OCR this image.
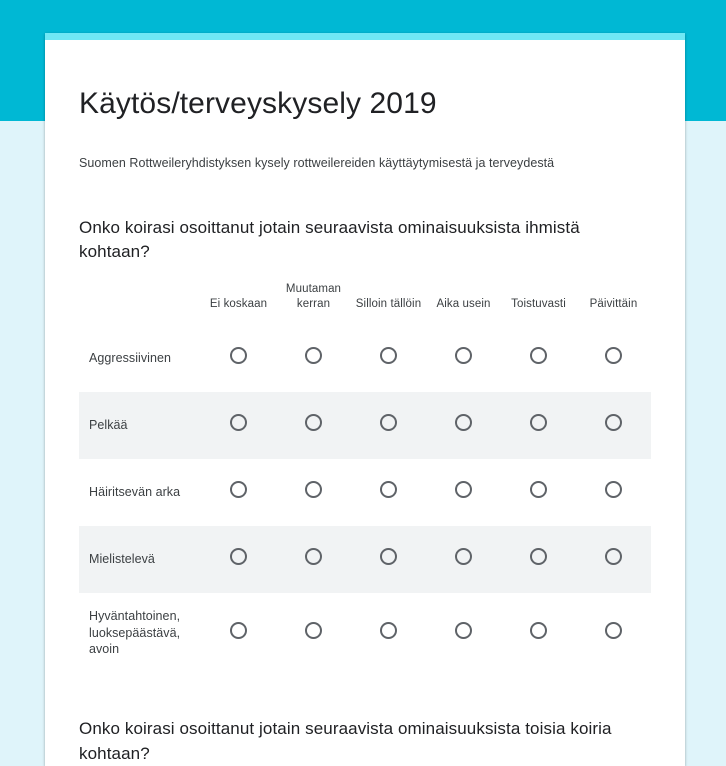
Käytös/terveyskysely 2019

Suomen Rottweileryhdistyksen kysely rottweilereiden käyttäytymisestä ja terveydestä

Onko koirasi osoittanut jotain seuraavista ominaisuuksista ihmistä kohtaan?
	Ei koskaan	Muutaman kerran	Silloin tällöin	Aika usein	Toistuvasti	Päivittäin
Aggressiivinen						
Pelkää						
Häiritsevän arka						
Mielistelevä						
Hyväntahtoinen, luoksepäästävä, avoin						
Onko koirasi osoittanut jotain seuraavista ominaisuuksista toisia koiria kohtaan?
